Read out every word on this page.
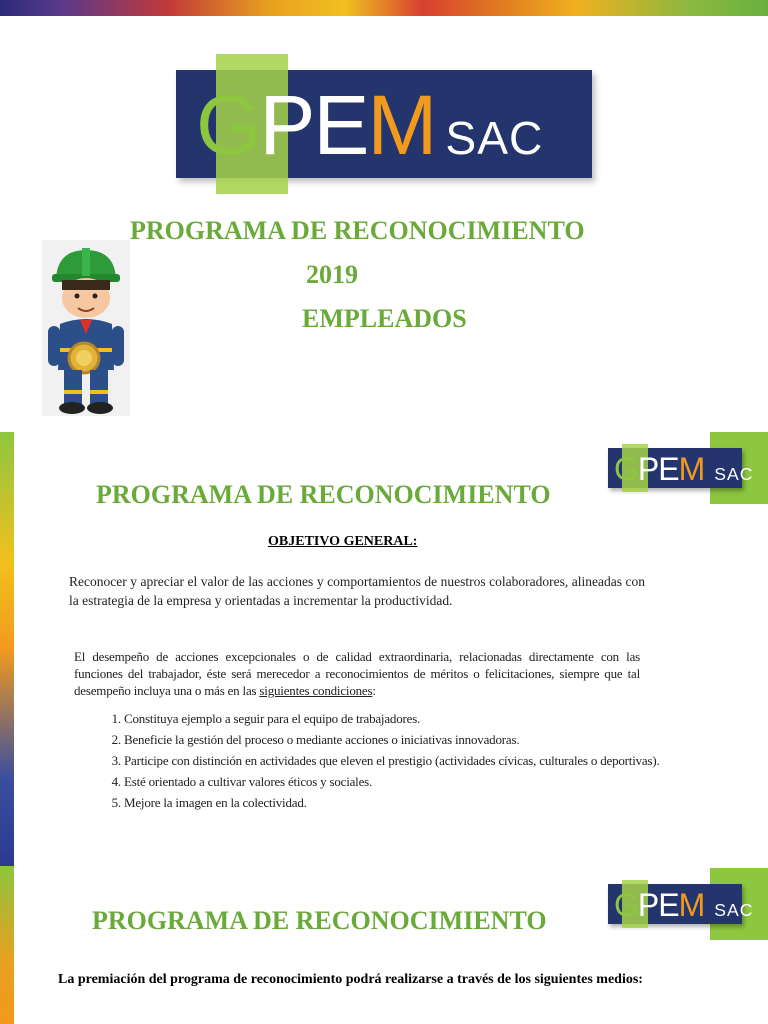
GPEM SAC
PROGRAMA DE RECONOCIMIENTO
2019
EMPLEADOS
GPEM SAC
PROGRAMA DE RECONOCIMIENTO
OBJETIVO GENERAL:
Reconocer y apreciar el valor de las acciones y comportamientos de nuestros colaboradores, alineadas con la estrategia de la empresa y orientadas a incrementar la productividad.
El desempeño de acciones excepcionales o de calidad extraordinaria, relacionadas directamente con las funciones del trabajador, éste será merecedor a reconocimientos de méritos o felicitaciones, siempre que tal desempeño incluya una o más en las siguientes condiciones:
1. Constituya ejemplo a seguir para el equipo de trabajadores.
2. Beneficie la gestión del proceso o mediante acciones o iniciativas innovadoras.
3. Participe con distinción en actividades que eleven el prestigio (actividades cívicas, culturales o deportivas).
4. Esté orientado a cultivar valores éticos y sociales.
5. Mejore la imagen en la colectividad.
GPEM SAC
PROGRAMA DE RECONOCIMIENTO
La premiación del programa de reconocimiento podrá realizarse a través de los siguientes medios:
